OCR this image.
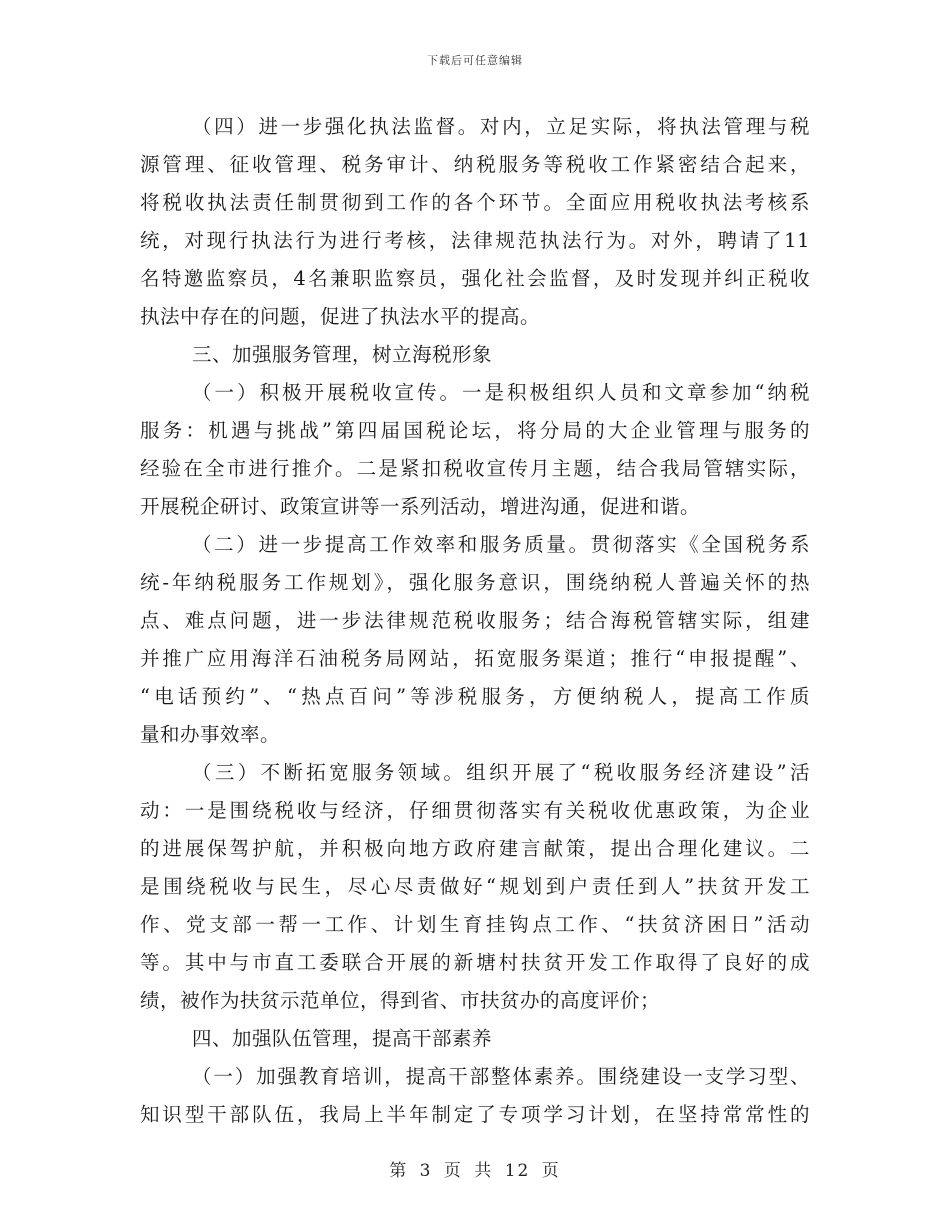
下载后可任意编辑
（四）进一步强化执法监督。对内，立足实际，将执法管理与税
源管理、征收管理、税务审计、纳税服务等税收工作紧密结合起来，
将税收执法责任制贯彻到工作的各个环节。全面应用税收执法考核系
统，对现行执法行为进行考核，法律规范执法行为。对外，聘请了11
名特邀监察员，4名兼职监察员，强化社会监督，及时发现并纠正税收
执法中存在的问题，促进了执法水平的提高。
三、加强服务管理，树立海税形象
（一）积极开展税收宣传。一是积极组织人员和文章参加“纳税
服务：机遇与挑战”第四届国税论坛，将分局的大企业管理与服务的
经验在全市进行推介。二是紧扣税收宣传月主题，结合我局管辖实际，
开展税企研讨、政策宣讲等一系列活动，增进沟通，促进和谐。
（二）进一步提高工作效率和服务质量。贯彻落实《全国税务系
统-年纳税服务工作规划》，强化服务意识，围绕纳税人普遍关怀的热
点、难点问题，进一步法律规范税收服务；结合海税管辖实际，组建
并推广应用海洋石油税务局网站，拓宽服务渠道；推行“申报提醒”、
“电话预约”、“热点百问”等涉税服务，方便纳税人，提高工作质
量和办事效率。
（三）不断拓宽服务领域。组织开展了“税收服务经济建设”活
动：一是围绕税收与经济，仔细贯彻落实有关税收优惠政策，为企业
的进展保驾护航，并积极向地方政府建言献策，提出合理化建议。二
是围绕税收与民生，尽心尽责做好“规划到户责任到人”扶贫开发工
作、党支部一帮一工作、计划生育挂钩点工作、“扶贫济困日”活动
等。其中与市直工委联合开展的新塘村扶贫开发工作取得了良好的成
绩，被作为扶贫示范单位，得到省、市扶贫办的高度评价；
四、加强队伍管理，提高干部素养
（一）加强教育培训，提高干部整体素养。围绕建设一支学习型、
知识型干部队伍，我局上半年制定了专项学习计划，在坚持常常性的
第 3 页 共 12 页
